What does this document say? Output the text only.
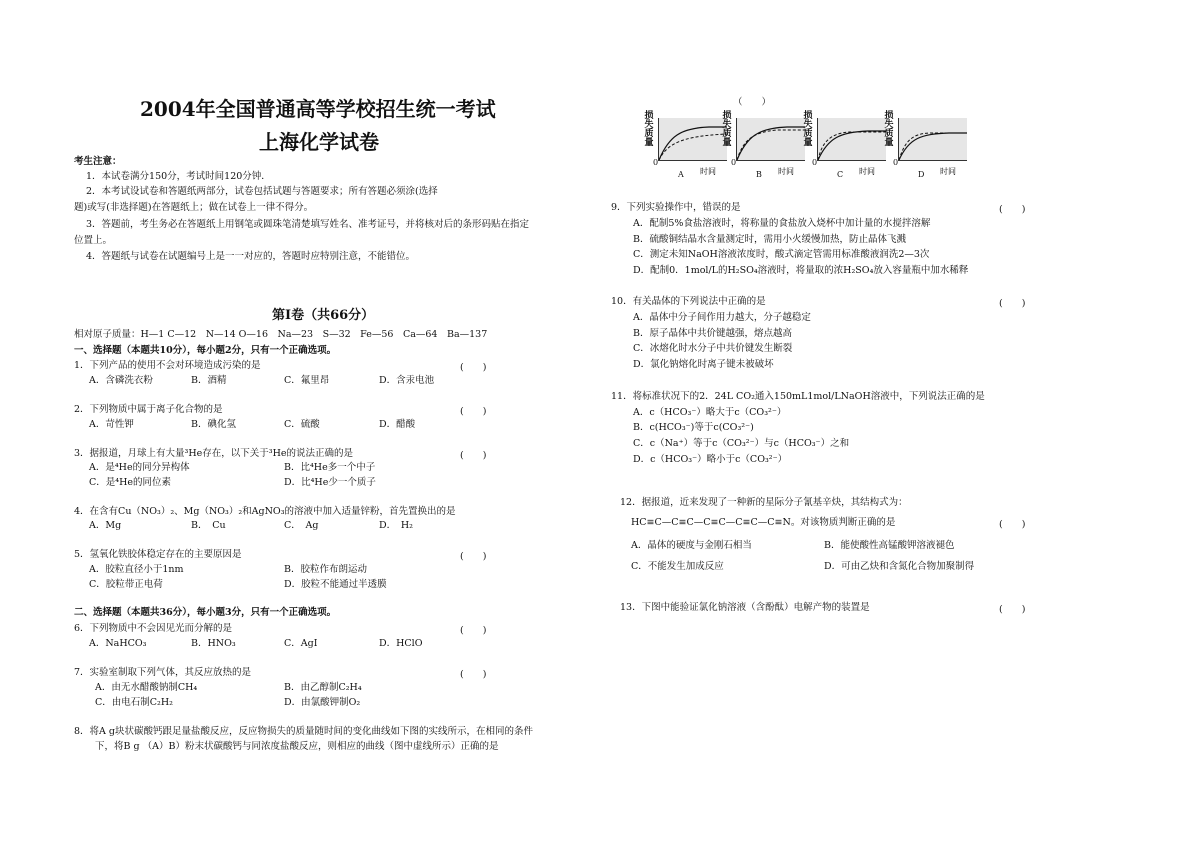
2004年全国普通高等学校招生统一考试
上海化学试卷
考生注意：
1．本试卷满分150分，考试时间120分钟．
2．本考试设试卷和答题纸两部分，试卷包括试题与答题要求；所有答题必须涂(选择
题)或写(非选择题)在答题纸上；做在试卷上一律不得分。
3．答题前，考生务必在答题纸上用钢笔或圆珠笔清楚填写姓名、准考证号，并将核对后的条形码贴在指定
位置上。
4．答题纸与试卷在试题编号上是一一对应的，答题时应特别注意，不能错位。
第Ⅰ卷（共66分）
相对原子质量：H—1 C—12　N—14 O—16　Na—23　S—32　Fe—56　Ca—64　Ba—137
一、选择题（本题共10分），每小题2分，只有一个正确选项。
1．下列产品的使用不会对环境造成污染的是	(　　)
A．含磷洗衣粉	B．酒精	C．氟里昂	D．含汞电池
2．下列物质中属于离子化合物的是	(　　)
A．苛性钾	B．碘化氢	C．硫酸	D．醋酸
3．据报道，月球上有大量³He存在，以下关于³He的说法正确的是	(　　)
A．是⁴He的同分异构体	B．比⁴He多一个中子
C．是⁴He的同位素	D．比⁴He少一个质子
4．在含有Cu（NO₃）₂、Mg（NO₃）₂和AgNO₃的溶液中加入适量锌粉，首先置换出的是
A．Mg	B．　Cu	C．　Ag	D．　H₂
5．氢氧化铁胶体稳定存在的主要原因是	(　　)
A．胶粒直径小于1nm	B．胶粒作布朗运动
C．胶粒带正电荷	D．胶粒不能通过半透膜
二、选择题（本题共36分），每小题3分，只有一个正确选项。
6．下列物质中不会因见光而分解的是	(　　)
A．NaHCO₃	B．HNO₃	C．AgI	D．HClO
7．实验室制取下列气体，其反应放热的是	(　　)
A．由无水醋酸钠制CH₄	B．由乙醇制C₂H₄
C．由电石制C₂H₂	D．由氯酸钾制O₂
8．将A g块状碳酸钙跟足量盐酸反应，反应物损失的质量随时间的变化曲线如下图的实线所示，在相同的条件
下，将B g （A）B）粉末状碳酸钙与同浓度盐酸反应，则相应的曲线（图中虚线所示）正确的是
（　　）
损
失
质
量
0
A 时间
损
失
质
量
0
B 时间
损
失
质
量
0
C 时间
损
失
质
量
0
D 时间
9．下列实验操作中，错误的是	(　　)
A．配制5%食盐溶液时，将称量的食盐放入烧杯中加计量的水搅拌溶解
B．硫酸铜结晶水含量测定时，需用小火缓慢加热，防止晶体飞溅
C．测定未知NaOH溶液浓度时，酸式滴定管需用标准酸液润洗2—3次
D．配制0．1mol/L的H₂SO₄溶液时，将量取的浓H₂SO₄放入容量瓶中加水稀释
10．有关晶体的下列说法中正确的是	(　　)
A．晶体中分子间作用力越大，分子越稳定
B．原子晶体中共价键越强，熔点越高
C．冰熔化时水分子中共价键发生断裂
D．氯化钠熔化时离子键未被破坏
11．将标准状况下的2．24L CO₂通入150mL1mol/LNaOH溶液中，下列说法正确的是
A．c（HCO₃⁻）略大于c（CO₃²⁻）
B．c(HCO₃⁻)等于c(CO₃²⁻)
C．c（Na⁺）等于c（CO₃²⁻）与c（HCO₃⁻）之和
D．c（HCO₃⁻）略小于c（CO₃²⁻）
12．据报道，近来发现了一种新的星际分子氰基辛炔，其结构式为：
HC≡C—C≡C—C≡C—C≡C—C≡N。对该物质判断正确的是	(　　)
A．晶体的硬度与金刚石相当	B．能使酸性高锰酸钾溶液褪色
C．不能发生加成反应	D．可由乙炔和含氮化合物加聚制得
13．下图中能验证氯化钠溶液（含酚酞）电解产物的装置是	(　　)
